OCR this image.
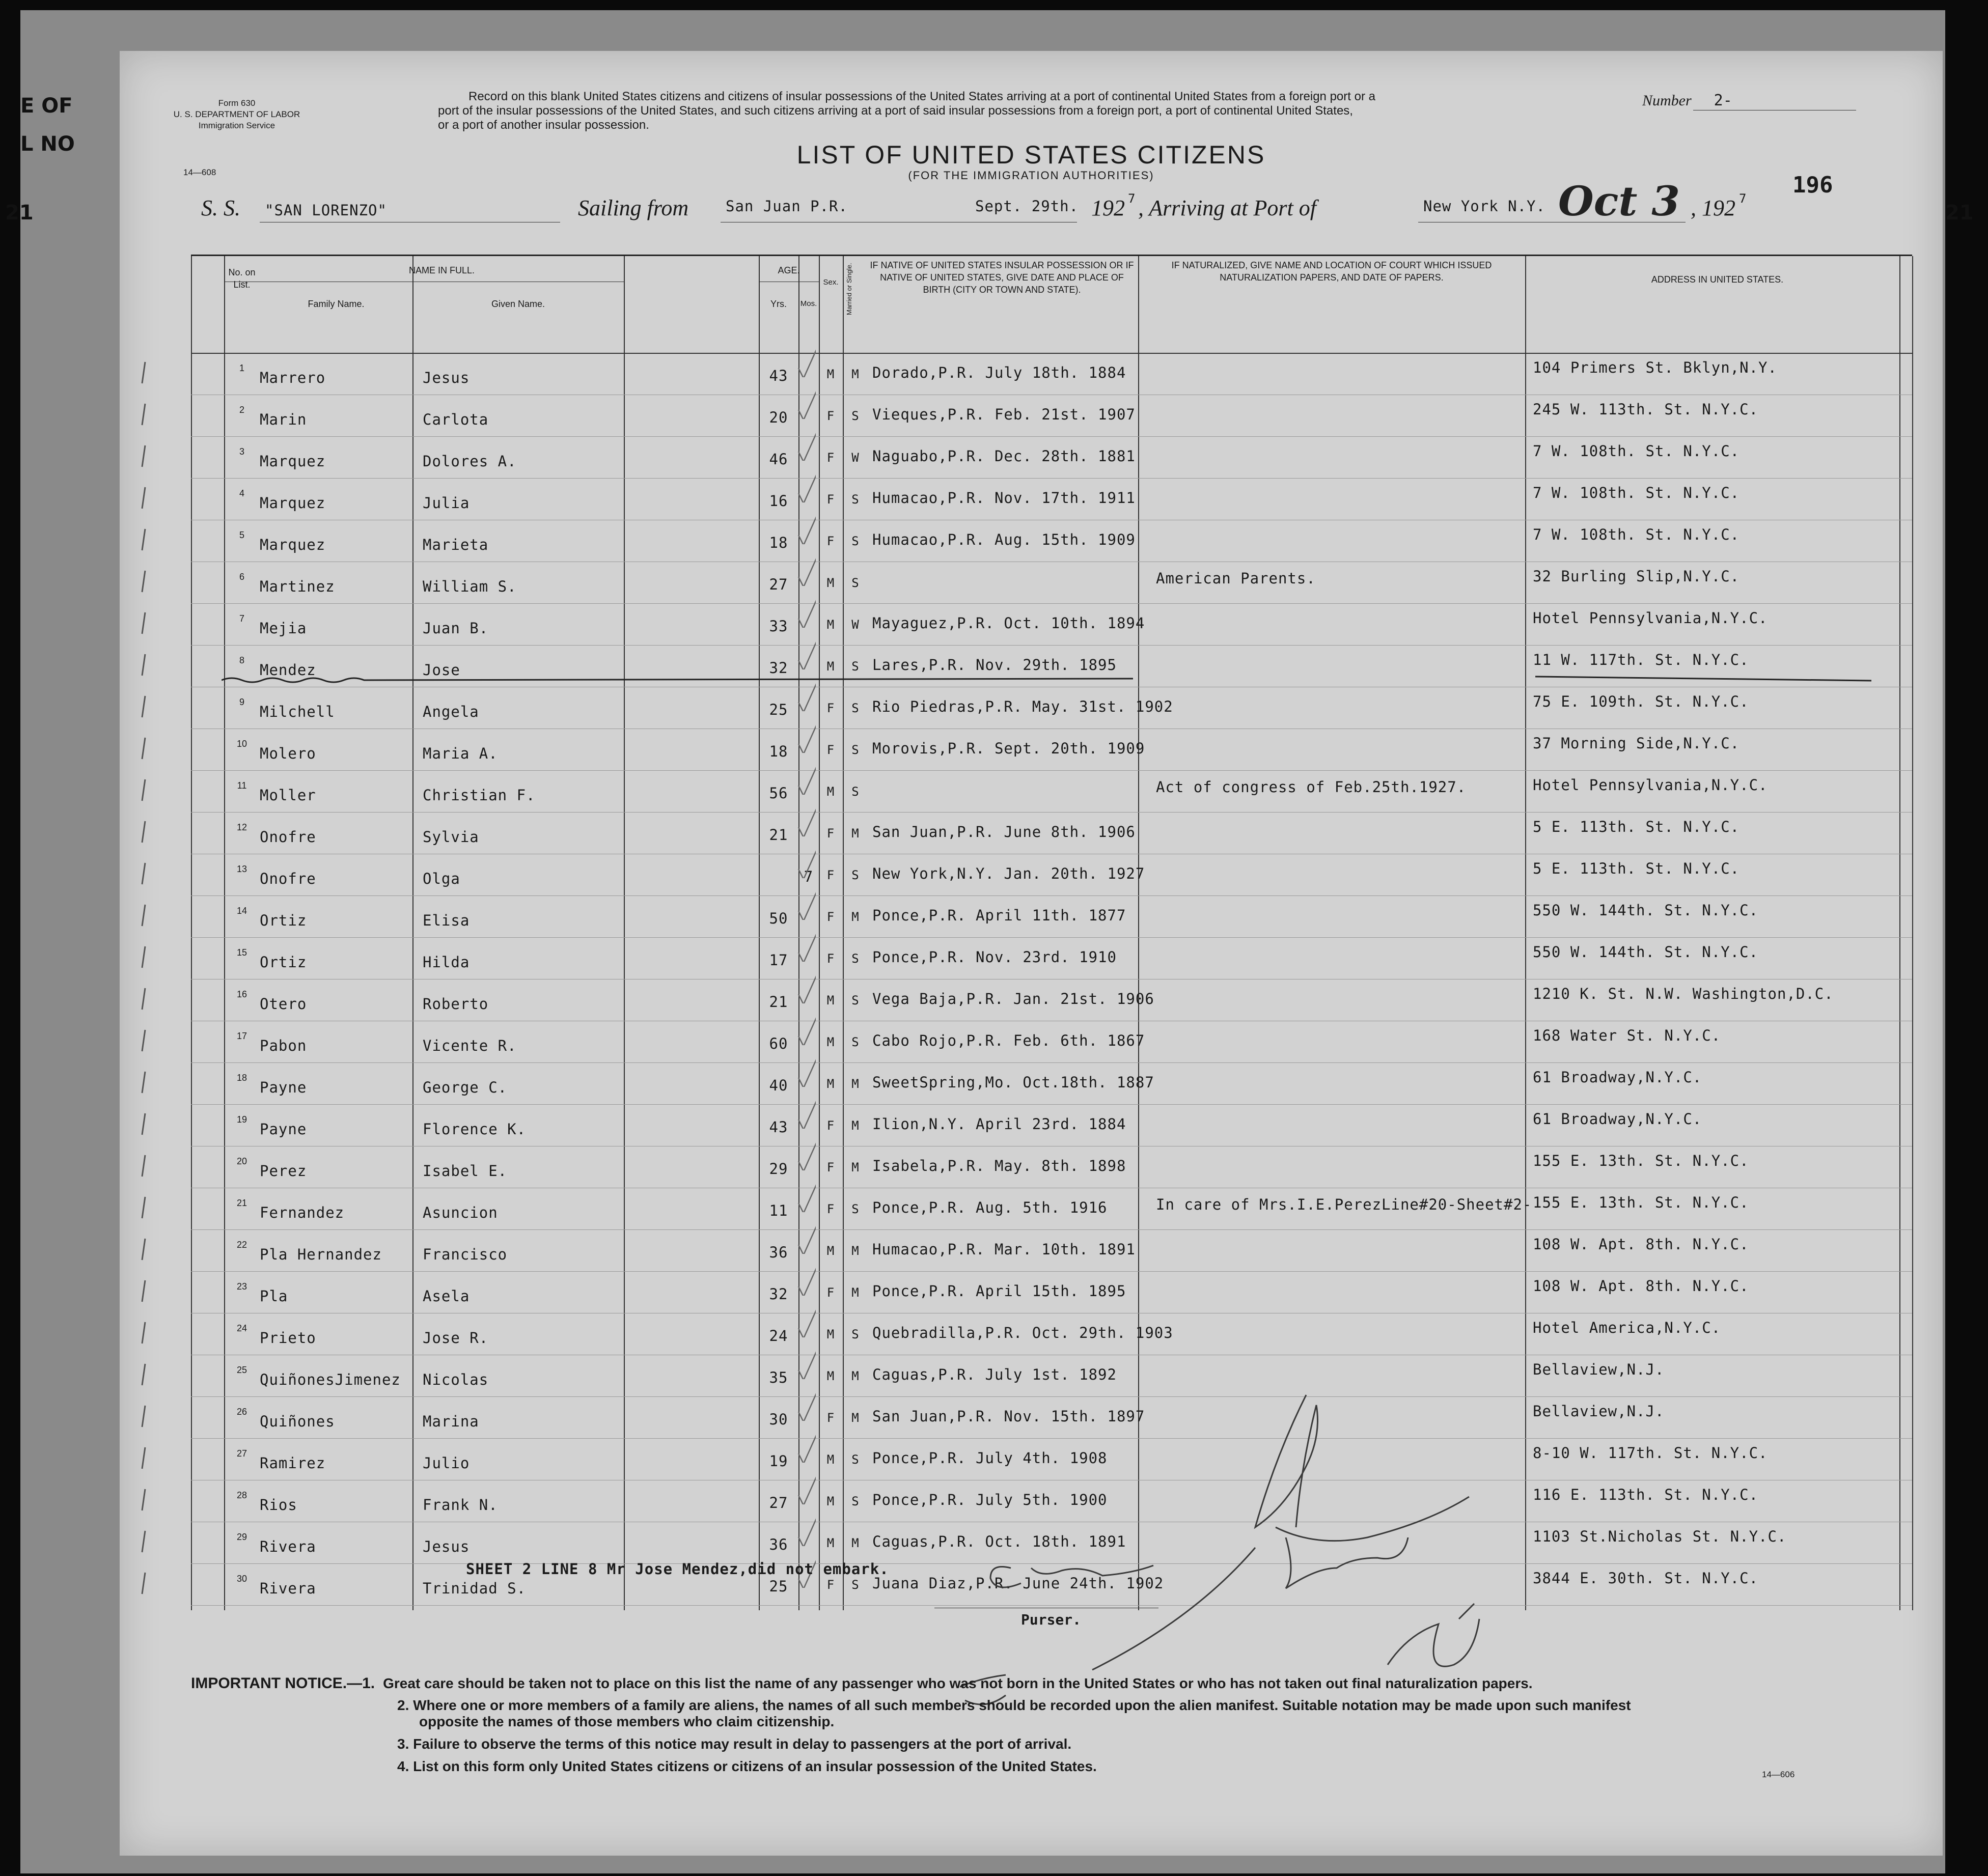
E OF
L NO
21	21
Form 630
U. S. DEPARTMENT OF LABOR
Immigration Service
14—608
Record on this blank United States citizens and citizens of insular possessions of the United States arriving at a port of continental United States from a foreign port or a
port of the insular possessions of the United States, and such citizens arriving at a port of said insular possessions from a foreign port, a port of continental United States,
or a port of another insular possession.
Number 2-
LIST OF UNITED STATES CITIZENS
(FOR THE IMMIGRATION AUTHORITIES)	196
S. S. "SAN LORENZO"	Sailing from	San Juan P.R.	Sept. 29th. 192 7 , Arriving at Port of	New York N.Y. Oct 3 , 192 7
No. on List.
NAME IN FULL.
Family Name.	Given Name.
AGE.
Yrs.	Mos.
Sex.	Married or Single.	IF NATIVE OF UNITED STATES INSULAR POSSESSION OR IF NATIVE OF UNITED STATES, GIVE DATE AND PLACE OF BIRTH (CITY OR TOWN AND STATE).
IF NATURALIZED, GIVE NAME AND LOCATION OF COURT WHICH ISSUED NATURALIZATION PAPERS, AND DATE OF PAPERS.	ADDRESS IN UNITED STATES.
1
Marrero	Jesus	43	M	M Dorado,P.R. July 18th. 1884	104 Primers St. Bklyn,N.Y.
2
Marin	Carlota	20	F	S Vieques,P.R. Feb. 21st. 1907	245 W. 113th. St. N.Y.C.
3
Marquez	Dolores A.	46	F	W Naguabo,P.R. Dec. 28th. 1881	7 W. 108th. St. N.Y.C.
4
Marquez	Julia	16	F	S Humacao,P.R. Nov. 17th. 1911	7 W. 108th. St. N.Y.C.
5
Marquez	Marieta	18	F	S Humacao,P.R. Aug. 15th. 1909	7 W. 108th. St. N.Y.C.
6
Martinez	William S.	27	M	S	American Parents.	32 Burling Slip,N.Y.C.
7
Mejia	Juan B.	33	M	W Mayaguez,P.R. Oct. 10th. 1894	Hotel Pennsylvania,N.Y.C.
8
Mendez	Jose	32	M	S Lares,P.R. Nov. 29th. 1895	11 W. 117th. St. N.Y.C.
9
Milchell	Angela	25	F	S Rio Piedras,P.R. May. 31st. 1902	75 E. 109th. St. N.Y.C.
10
Molero	Maria A.	18	F	S Morovis,P.R. Sept. 20th. 1909	37 Morning Side,N.Y.C.
11
Moller	Christian F.	56	M	S	Act of congress of Feb.25th.1927.	Hotel Pennsylvania,N.Y.C.
12
Onofre	Sylvia	21	F	M San Juan,P.R. June 8th. 1906	5 E. 113th. St. N.Y.C.
13
Onofre	Olga	7	F	S New York,N.Y. Jan. 20th. 1927	5 E. 113th. St. N.Y.C.
14
Ortiz	Elisa	50	F	M Ponce,P.R. April 11th. 1877	550 W. 144th. St. N.Y.C.
15
Ortiz	Hilda	17	F	S Ponce,P.R. Nov. 23rd. 1910	550 W. 144th. St. N.Y.C.
16
Otero	Roberto	21	M	S Vega Baja,P.R. Jan. 21st. 1906	1210 K. St. N.W. Washington,D.C.
17
Pabon	Vicente R.	60	M	S Cabo Rojo,P.R. Feb. 6th. 1867	168 Water St. N.Y.C.
18
Payne	George C.	40	M	M SweetSpring,Mo. Oct.18th. 1887	61 Broadway,N.Y.C.
19
Payne	Florence K.	43	F	M Ilion,N.Y. April 23rd. 1884	61 Broadway,N.Y.C.
20
Perez	Isabel E.	29	F	M Isabela,P.R. May. 8th. 1898	155 E. 13th. St. N.Y.C.
21
Fernandez	Asuncion	11	F	S Ponce,P.R. Aug. 5th. 1916	In care of Mrs.I.E.PerezLine#20-Sheet#2- 155 E. 13th. St. N.Y.C.
22
Pla Hernandez	Francisco	36	M	M Humacao,P.R. Mar. 10th. 1891	108 W. Apt. 8th. N.Y.C.
23
Pla	Asela	32	F	M Ponce,P.R. April 15th. 1895	108 W. Apt. 8th. N.Y.C.
24
Prieto	Jose R.	24	M	S Quebradilla,P.R. Oct. 29th. 1903	Hotel America,N.Y.C.
25
QuiñonesJimenez	Nicolas	35	M	M Caguas,P.R. July 1st. 1892	Bellaview,N.J.
26
Quiñones	Marina	30	F	M San Juan,P.R. Nov. 15th. 1897	Bellaview,N.J.
27
Ramirez	Julio	19	M	S Ponce,P.R. July 4th. 1908	8-10 W. 117th. St. N.Y.C.
28
Rios	Frank N.	27	M	S Ponce,P.R. July 5th. 1900	116 E. 113th. St. N.Y.C.
29
Rivera	Jesus	36	M	M Caguas,P.R. Oct. 18th. 1891	1103 St.Nicholas St. N.Y.C.
30
Rivera	Trinidad S.	25	F	S Juana Diaz,P.R. June 24th. 1902	3844 E. 30th. St. N.Y.C.
SHEET 2 LINE 8 Mr Jose Mendez,did not embark.
Purser.
IMPORTANT NOTICE.—1. Great care should be taken not to place on this list the name of any passenger who was not born in the United States or who has not taken out final naturalization papers.
2. Where one or more members of a family are aliens, the names of all such members should be recorded upon the alien manifest. Suitable notation may be made upon such manifest
opposite the names of those members who claim citizenship.
3. Failure to observe the terms of this notice may result in delay to passengers at the port of arrival.
4. List on this form only United States citizens or citizens of an insular possession of the United States.
14—606
